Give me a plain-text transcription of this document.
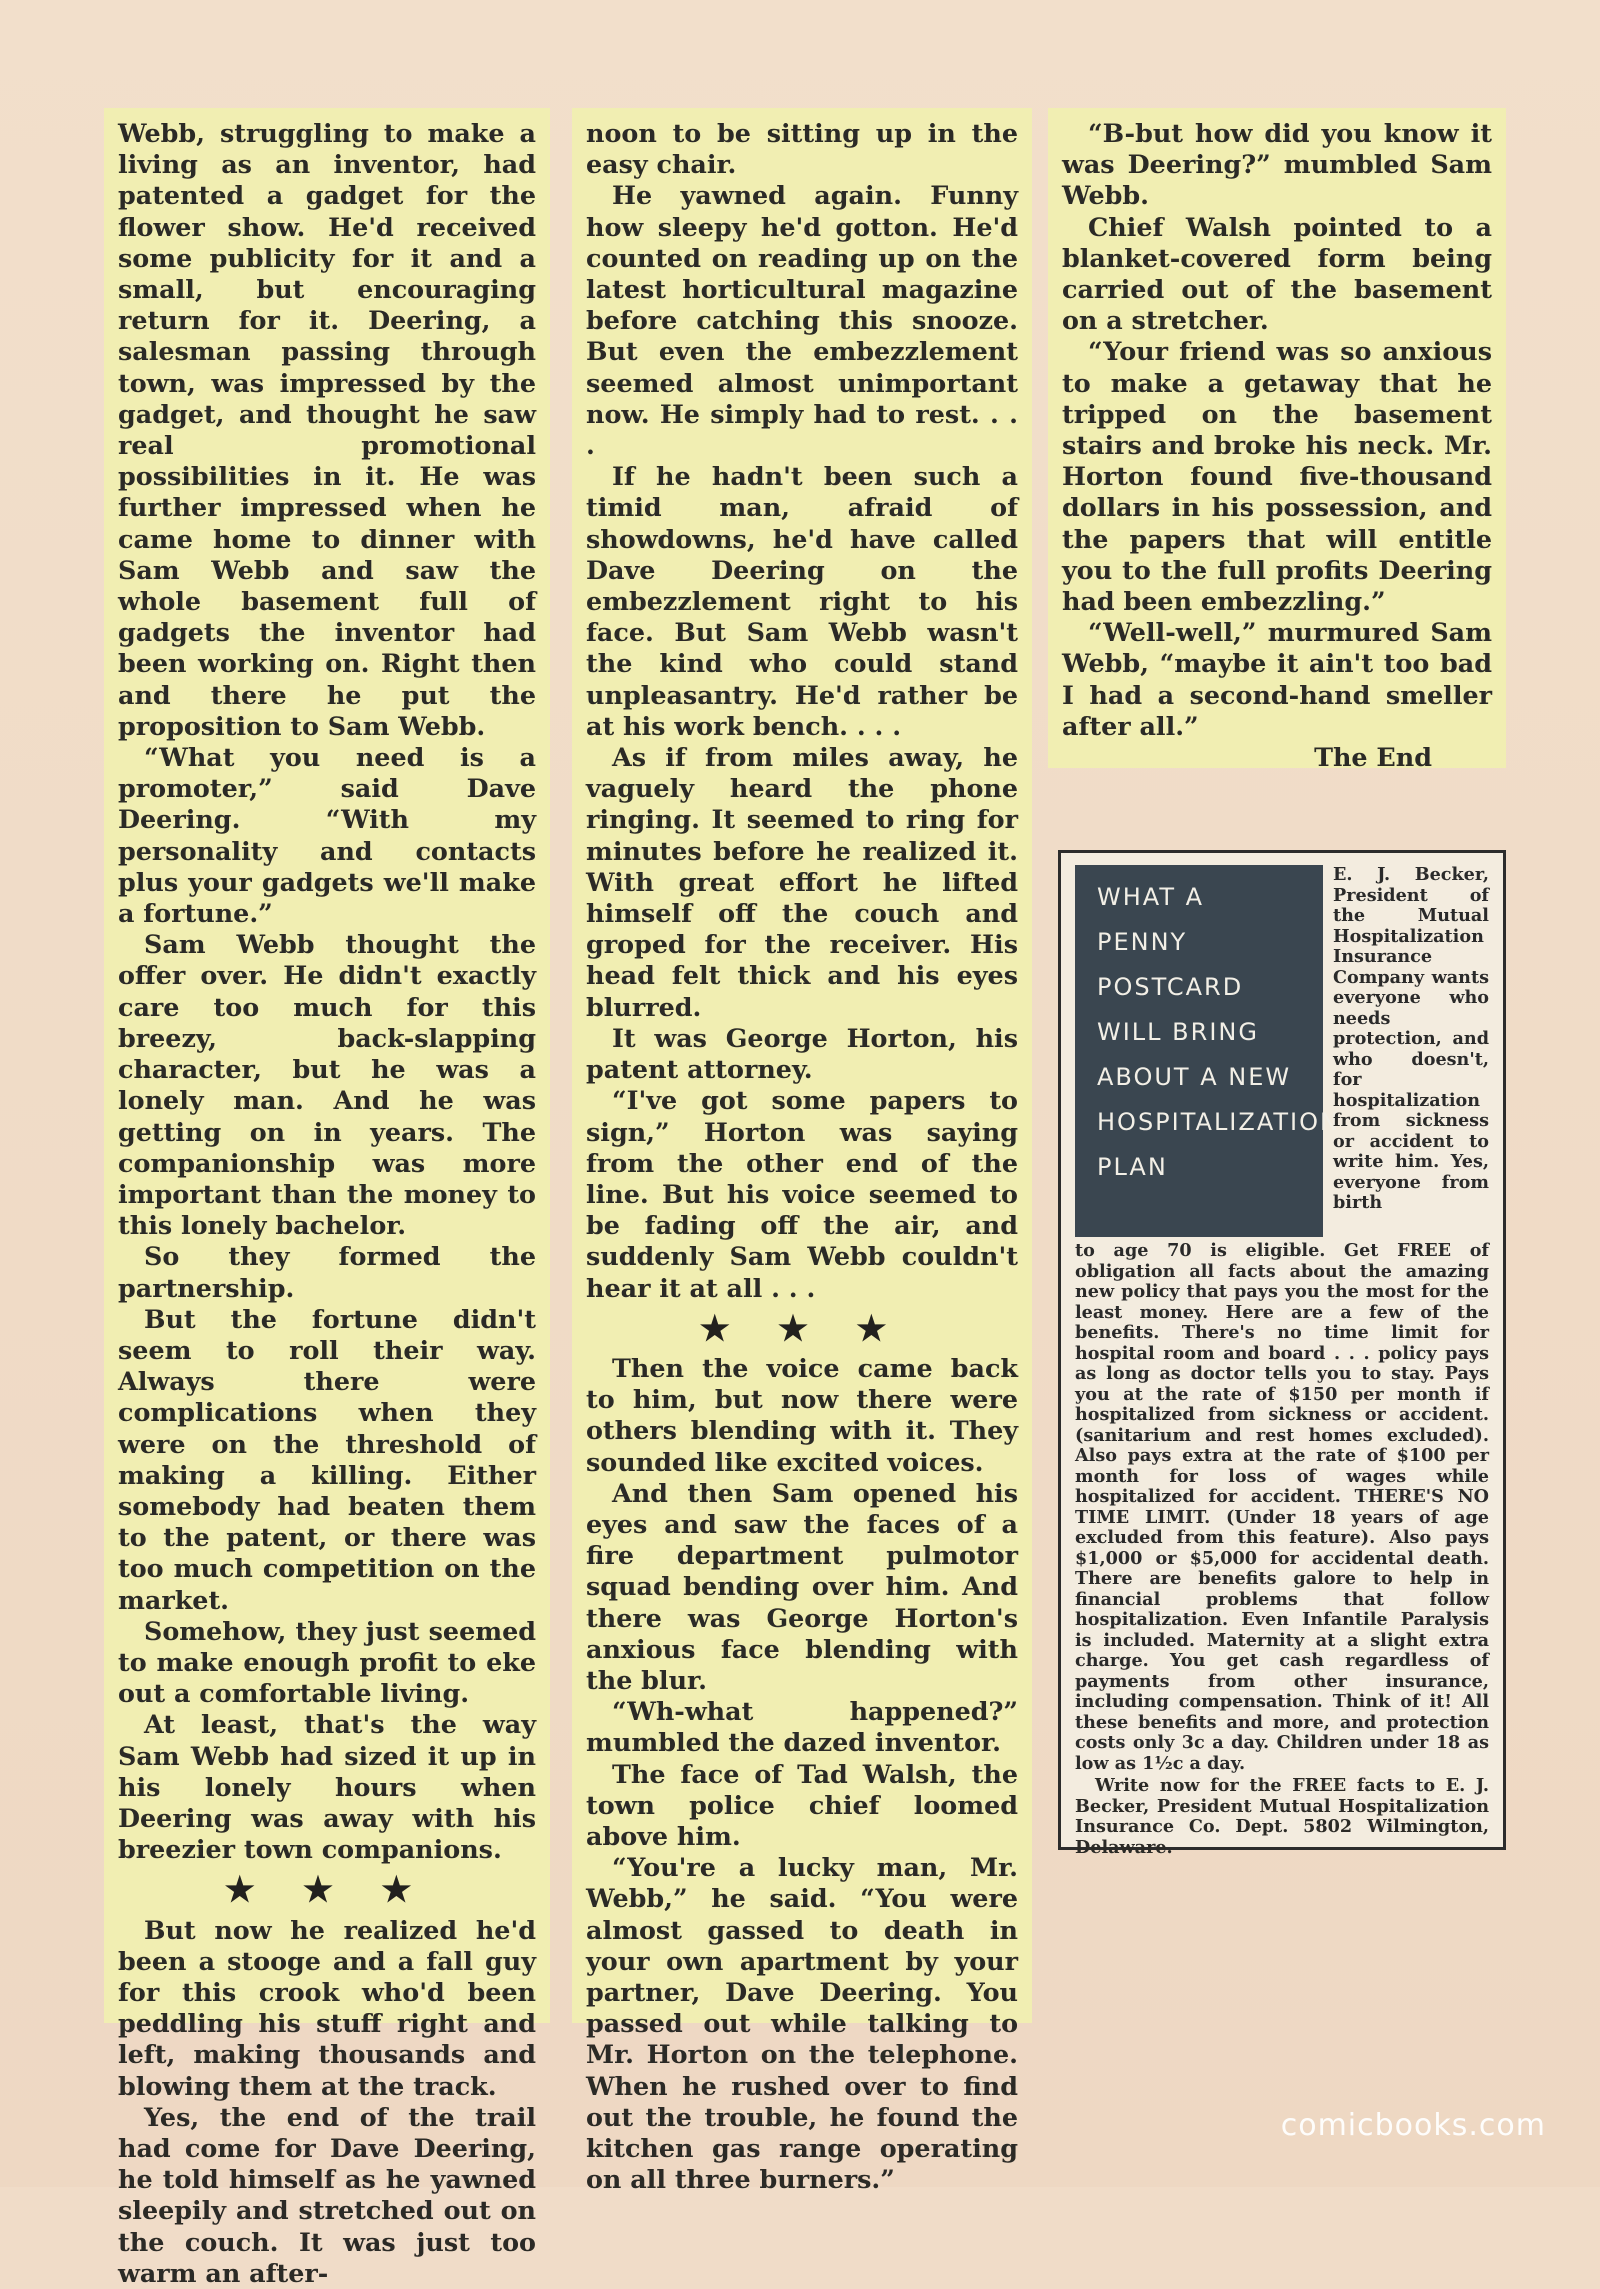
Webb, struggling to make a living as an inventor, had patented a gadget for the flower show. He'd received some publicity for it and a small, but encouraging return for it. Deering, a salesman passing through town, was impressed by the gadget, and thought he saw real promotional possibilities in it. He was further impressed when he came home to dinner with Sam Webb and saw the whole basement full of gadgets the inventor had been working on. Right then and there he put the proposition to Sam Webb.

“What you need is a promoter,” said Dave Deering. “With my personality and contacts plus your gadgets we'll make a fortune.”

Sam Webb thought the offer over. He didn't exactly care too much for this breezy, back-slapping character, but he was a lonely man. And he was getting on in years. The companionship was more important than the money to this lonely bachelor.

So they formed the partnership.

But the fortune didn't seem to roll their way. Always there were complications when they were on the threshold of making a killing. Either somebody had beaten them to the patent, or there was too much competition on the market.

Somehow, they just seemed to make enough profit to eke out a comfortable living.

At least, that's the way Sam Webb had sized it up in his lonely hours when Deering was away with his breezier town companions.

★ ★ ★

But now he realized he'd been a stooge and a fall guy for this crook who'd been peddling his stuff right and left, making thousands and blowing them at the track.

Yes, the end of the trail had come for Dave Deering, he told himself as he yawned sleepily and stretched out on the couch. It was just too warm an after-

noon to be sitting up in the easy chair.

He yawned again. Funny how sleepy he'd gotton. He'd counted on reading up on the latest horticultural magazine before catching this snooze. But even the embezzlement seemed almost unimportant now. He simply had to rest. . . .

If he hadn't been such a timid man, afraid of showdowns, he'd have called Dave Deering on the embezzlement right to his face. But Sam Webb wasn't the kind who could stand unpleasantry. He'd rather be at his work bench. . . .

As if from miles away, he vaguely heard the phone ringing. It seemed to ring for minutes before he realized it. With great effort he lifted himself off the couch and groped for the receiver. His head felt thick and his eyes blurred.

It was George Horton, his patent attorney.

“I've got some papers to sign,” Horton was saying from the other end of the line. But his voice seemed to be fading off the air, and suddenly Sam Webb couldn't hear it at all . . .

★ ★ ★

Then the voice came back to him, but now there were others blending with it. They sounded like excited voices.

And then Sam opened his eyes and saw the faces of a fire department pulmotor squad bending over him. And there was George Horton's anxious face blending with the blur.

“Wh-what happened?” mumbled the dazed inventor.

The face of Tad Walsh, the town police chief loomed above him.

“You're a lucky man, Mr. Webb,” he said. “You were almost gassed to death in your own apartment by your partner, Dave Deering. You passed out while talking to Mr. Horton on the telephone. When he rushed over to find out the trouble, he found the kitchen gas range operating on all three burners.”

“B-but how did you know it was Deering?” mumbled Sam Webb.

Chief Walsh pointed to a blanket-covered form being carried out of the basement on a stretcher.

“Your friend was so anxious to make a getaway that he tripped on the basement stairs and broke his neck. Mr. Horton found five-thousand dollars in his possession, and the papers that will entitle you to the full profits Deering had been embezzling.”

“Well-well,” murmured Sam Webb, “maybe it ain't too bad I had a second-hand smeller after all.”

The End

WHAT A
PENNY
POSTCARD
WILL BRING
ABOUT A NEW
HOSPITALIZATION
PLAN
E. J. Becker, President of the Mutual Hospitalization Insurance Company wants everyone who needs protection, and who doesn't, for hospitalization from sickness or accident to write him. Yes, everyone from birth
to age 70 is eligible. Get FREE of obligation all facts about the amazing new policy that pays you the most for the least money. Here are a few of the benefits. There's no time limit for hospital room and board . . . policy pays as long as doctor tells you to stay. Pays you at the rate of $150 per month if hospitalized from sickness or accident. (sanitarium and rest homes excluded). Also pays extra at the rate of $100 per month for loss of wages while hospitalized for accident. THERE'S NO TIME LIMIT. (Under 18 years of age excluded from this feature). Also pays $1,000 or $5,000 for accidental death. There are benefits galore to help in financial problems that follow hospitalization. Even Infantile Paralysis is included. Maternity at a slight extra charge. You get cash regardless of payments from other insurance, including compensation. Think of it! All these benefits and more, and protection costs only 3c a day. Children under 18 as low as 1½c a day.
Write now for the FREE facts to E. J. Becker, President Mutual Hospitalization Insurance Co. Dept. 5802 Wilmington, Delaware.
comicbooks.com
